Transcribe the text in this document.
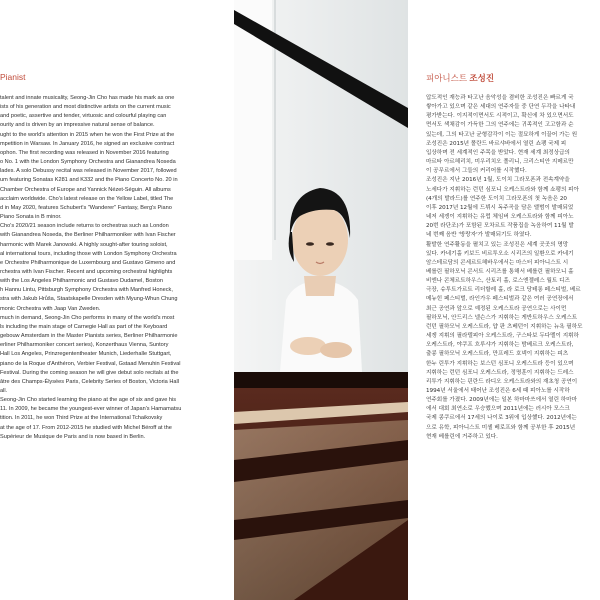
Pianist

talent and innate musicality, Seong-Jin Cho has made his mark as one

ists of his generation and most distinctive artists on the current music

and poetic, assertive and tender, virtuosic and colourful playing can

ourity and is driven by an impressive natural sense of balance.

ught to the world's attention in 2015 when he won the First Prize at the

mpetition in Warsaw. In January 2016, he signed an exclusive contract

ophon. The first recording was released in November 2016 featuring

o No. 1 with the London Symphony Orchestra and Gianandrea Noseda

lades. A solo Debussy recital was released in November 2017, followed

um featuring Sonatas K281 and K332 and the Piano Concerto No. 20 in

Chamber Orchestra of Europe and Yannick Nézet-Séguin. All albums

acclaim worldwide. Cho's latest release on the Yellow Label, titled The

d in May 2020, features Schubert's "Wanderer" Fantasy, Berg's Piano

Piano Sonata in B minor.

Cho's 2020/21 season include returns to orchestras such as London

with Gianandrea Noseda, the Berliner Philharmoniker with Ivan Fischer

harmonic with Marek Janowski. A highly sought-after touring soloist,

al international tours, including those with London Symphony Orchestra

e Orchestre Philharmonique de Luxembourg and Gustavo Gimeno and

rchestra with Ivan Fischer. Recent and upcoming orchestral highlights

with the Los Angeles Philharmonic and Gustavo Dudamel, Boston

h Hannu Lintu, Pittsburgh Symphony Orchestra with Manfred Honeck,

stra with Jakub Hrůša, Staatskapelle Dresden with Myung-Whun Chung

monic Orchestra with Jaap Van Zweden.

much in demand, Seong-Jin Cho performs in many of the world's most

ls including the main stage of Carnegie Hall as part of the Keyboard

gebouw Amsterdam in the Master Pianists series, Berliner Philharmonie

erliner Philharmoniker concert series), Konzerthaus Vienna, Suntory

Hall Los Angeles, Prinzregententheater Munich, Liederhalle Stuttgart,

piano de la Roque d'Anthéron, Verbier Festival, Gstaad Menuhin Festival

Festival. During the coming season he will give debut solo recitals at the

âtre des Champs-Élysées Paris, Celebrity Series of Boston, Victoria Hall

all.

Seong-Jin Cho started learning the piano at the age of six and gave his

11. In 2009, he became the youngest-ever winner of Japan's Hamamatsu

tition. In 2011, he won Third Prize at the International Tchaikovsky

at the age of 17. From 2012-2015 he studied with Michel Béroff at the

Supérieur de Musique de Paris and is now based in Berlin.

피아니스트 조성진

압도적인 재능과 타고난 음악성을 겸비한 조성진은 빠르게 국

쌓아가고 있으며 같은 세대의 연주자들 중 단연 두각을 나타내

평가받는다. 이지적이면서도 시적이고, 확신에 차 있으면서도

면서도 색채감이 가득한 그의 연주에는 귀족적인 고고함과 순

있는데, 그의 타고난 균형감각이 이는 절묘하게 이끌어 가는 원

조성진은 2015년 폴란드 바르샤바에서 열린 쇼팽 국제 피

입상하며 전 세계적인 주목을 받았다. 현재 세계 최정상급의

마르타 아르헤리치, 미우리치오 폴리니, 크리스티안 지메르만

이 공무르에서 그들의 커리어를 시작했다.

조성진은 지난 2016년 1월, 도이치 그라모폰과 전속계약을

노세다가 지휘하는 런던 심포니 오케스트라와 함께 쇼팽의 피아

(4개의 발라드)를 연주한 도이치 그라모폰의 첫 녹음은 20

이후 2017년 12월에 드뷔시 독주곡을 담은 앨범이 발매되었

네저 세겡이 지휘하는 유럽 체임버 오케스트라와 함께 피아노

20번 라단조)가 포함된 모차르트 작품집을 녹음하여 11월 발

네 번째 음반 '방랑자'가 발매되기도 하였다.

활발한 연주활동을 펼치고 있는 조성진은 세계 곳곳의 명망

있다. 카네기홀 키보드 비르투오소 시리즈의 일환으로 카네기

암스테르담의 콘세르트헤바우에서는 마스터 피아니스트 시

베를린 필하모닉 콘서트 시리즈를 통해서 베를린 필하모니 홀

비엔나 콘체르트하우스, 산토리 홀, 로스엔젤레스 월트 디즈

극장, 슈투트가르트 리더할레 홀, 라 로크 당테롱 페스티벌, 베르

메뉴힌 페스티벌, 라인가우 페스티벌과 같은 여러 공연장에서

최근 공연과 앞으로 예정된 오케스트라 공연으로는 사이먼

필하모닉, 안드리스 넬슨스가 지휘하는 게반트하우스 오케스트

런던 필하모닉 오케스트라, 얍 판 츠베던이 지휘하는 뉴욕 필하모

세겡 지휘의 필라델피아 오케스트라, 구스타보 두다멜이 지휘하

오케스트라, 야쿠프 흐루샤가 지휘하는 밤베르크 오케스트라,

출콩 필하모닉 오케스트라, 만프레드 호넥이 지휘하는 피츠

한누 린투가 지휘하는 보스턴 심포니 오케스트라 등이 있으며

지휘하는 런던 심포니 오케스트라, 정명훈이 지휘하는 드레스

리투가 지휘하는 핀란드 라디오 오케스트라와의 재초청 공연이

1994년 서울에서 태어난 조성진은 6세 때 피아노를 시작하

연주회를 가졌다. 2009년에는 일본 하마마쓰에서 열린 하마마

에서 대회 최연소로 우승했으며 2011년에는 러시아 모스크

국제 콩쿠르에서 17세의 나이로 3위에 입상했다. 2012년에는

으로 유학, 피아니스트 미셸 베로프와 함께 공부한 후 2015년

현재 베를린에 거주하고 있다.
